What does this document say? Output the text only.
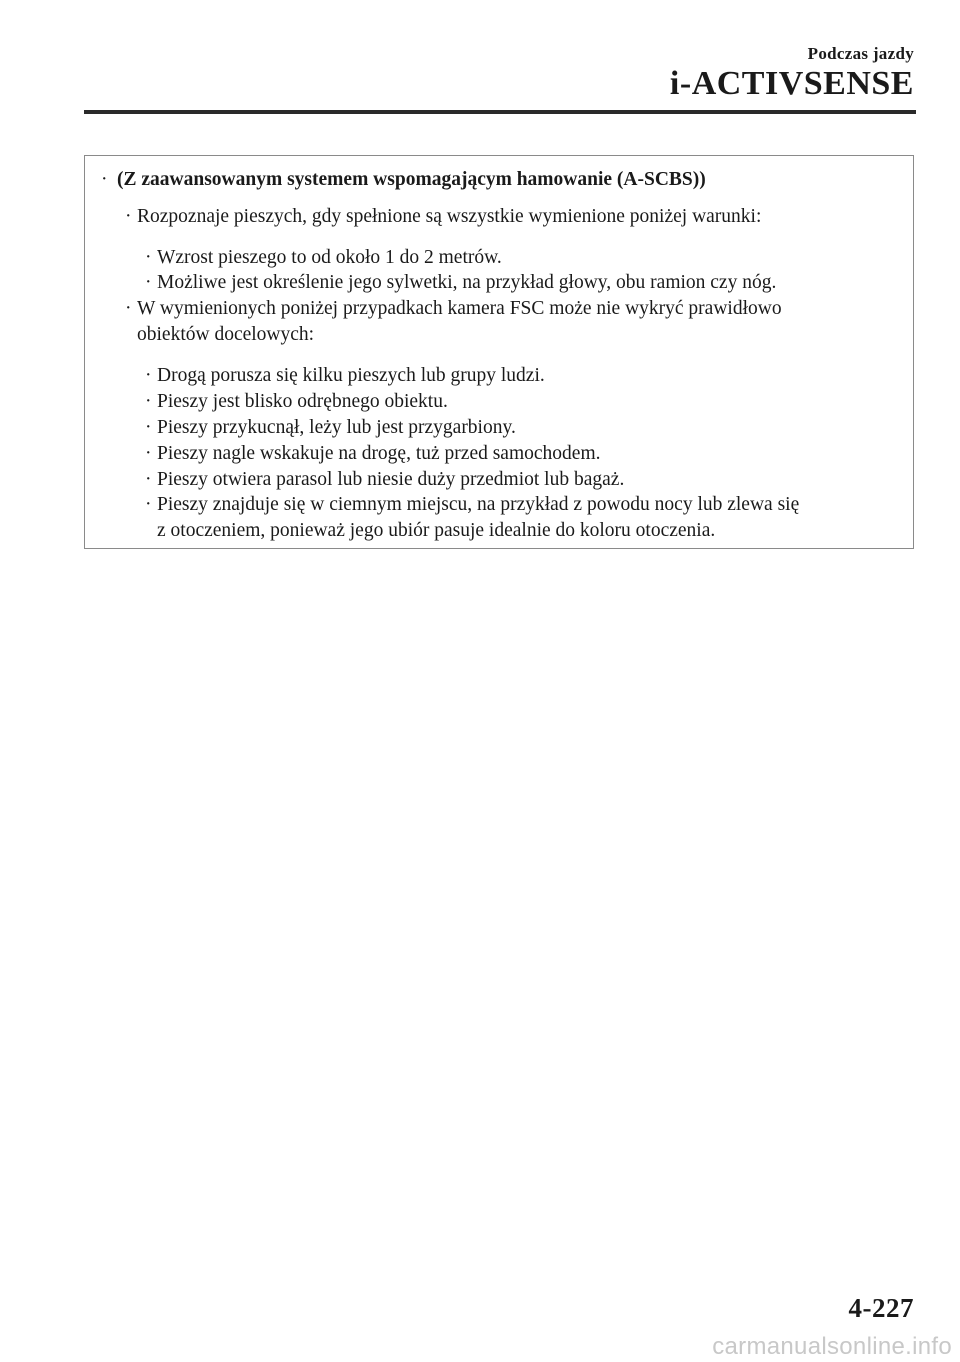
Podczas jazdy
i-ACTIVSENSE
· (Z zaawansowanym systemem wspomagającym hamowanie (A-SCBS))
· Rozpoznaje pieszych, gdy spełnione są wszystkie wymienione poniżej warunki:
· Wzrost pieszego to od około 1 do 2 metrów.
· Możliwe jest określenie jego sylwetki, na przykład głowy, obu ramion czy nóg.
· W wymienionych poniżej przypadkach kamera FSC może nie wykryć prawidłowo
obiektów docelowych:
· Drogą porusza się kilku pieszych lub grupy ludzi.
· Pieszy jest blisko odrębnego obiektu.
· Pieszy przykucnął, leży lub jest przygarbiony.
· Pieszy nagle wskakuje na drogę, tuż przed samochodem.
· Pieszy otwiera parasol lub niesie duży przedmiot lub bagaż.
· Pieszy znajduje się w ciemnym miejscu, na przykład z powodu nocy lub zlewa się
z otoczeniem, ponieważ jego ubiór pasuje idealnie do koloru otoczenia.
4-227
carmanualsonline.info
